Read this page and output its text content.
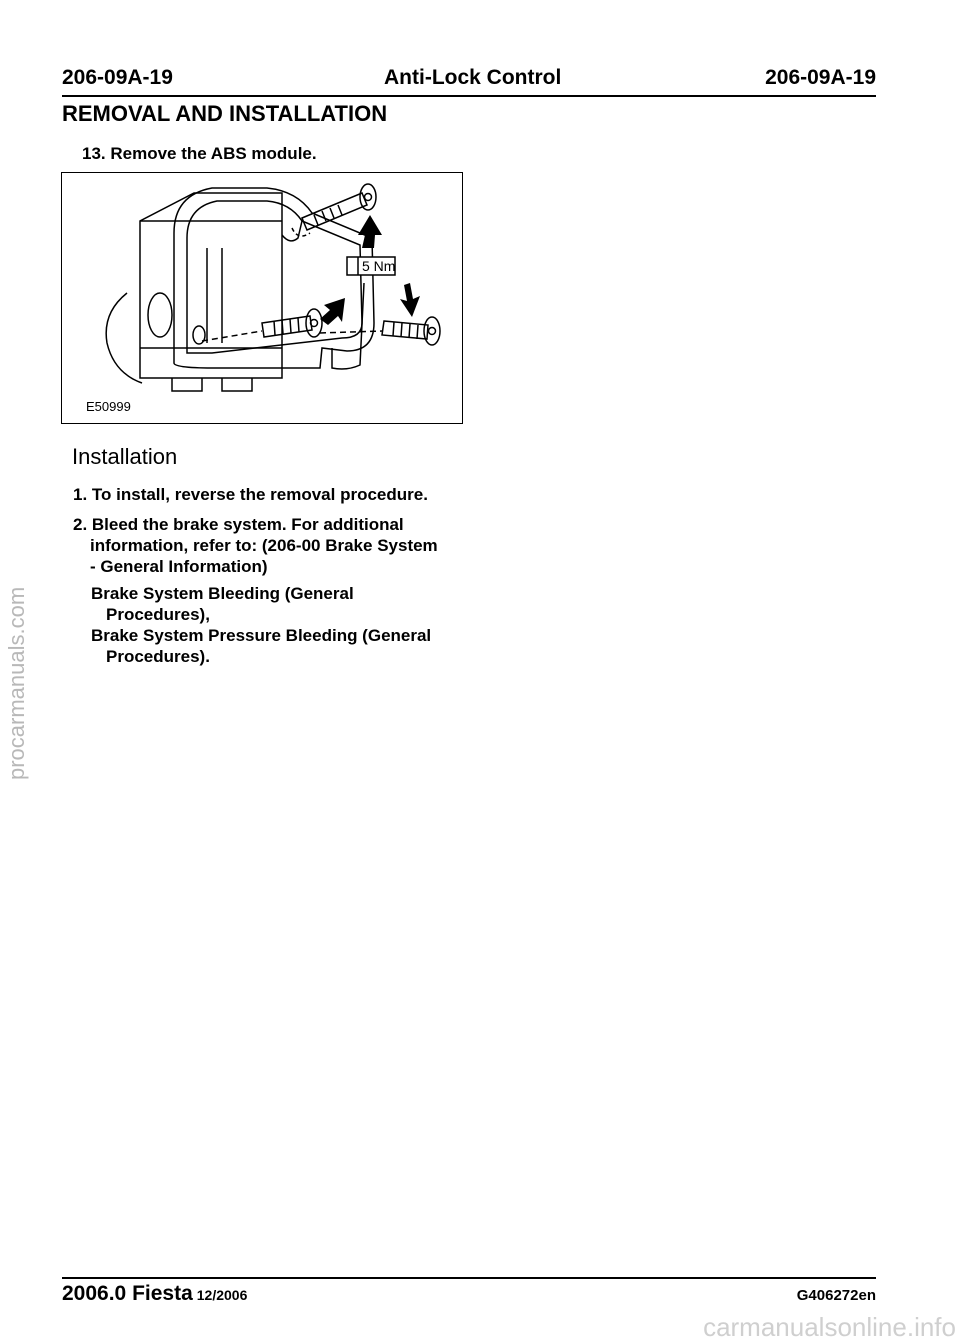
206-09A-19	Anti-Lock Control	206-09A-19
REMOVAL AND INSTALLATION
13. Remove the ABS module.
5 Nm
E50999
Installation
1. To install, reverse the removal procedure.
2. Bleed the brake system. For additional
information, refer to: (206-00 Brake System
- General Information)
Brake System Bleeding (General
Procedures),
Brake System Pressure Bleeding (General
Procedures).
procarmanuals.com
2006.0 Fiesta 12/2006	G406272en
carmanualsonline.info
